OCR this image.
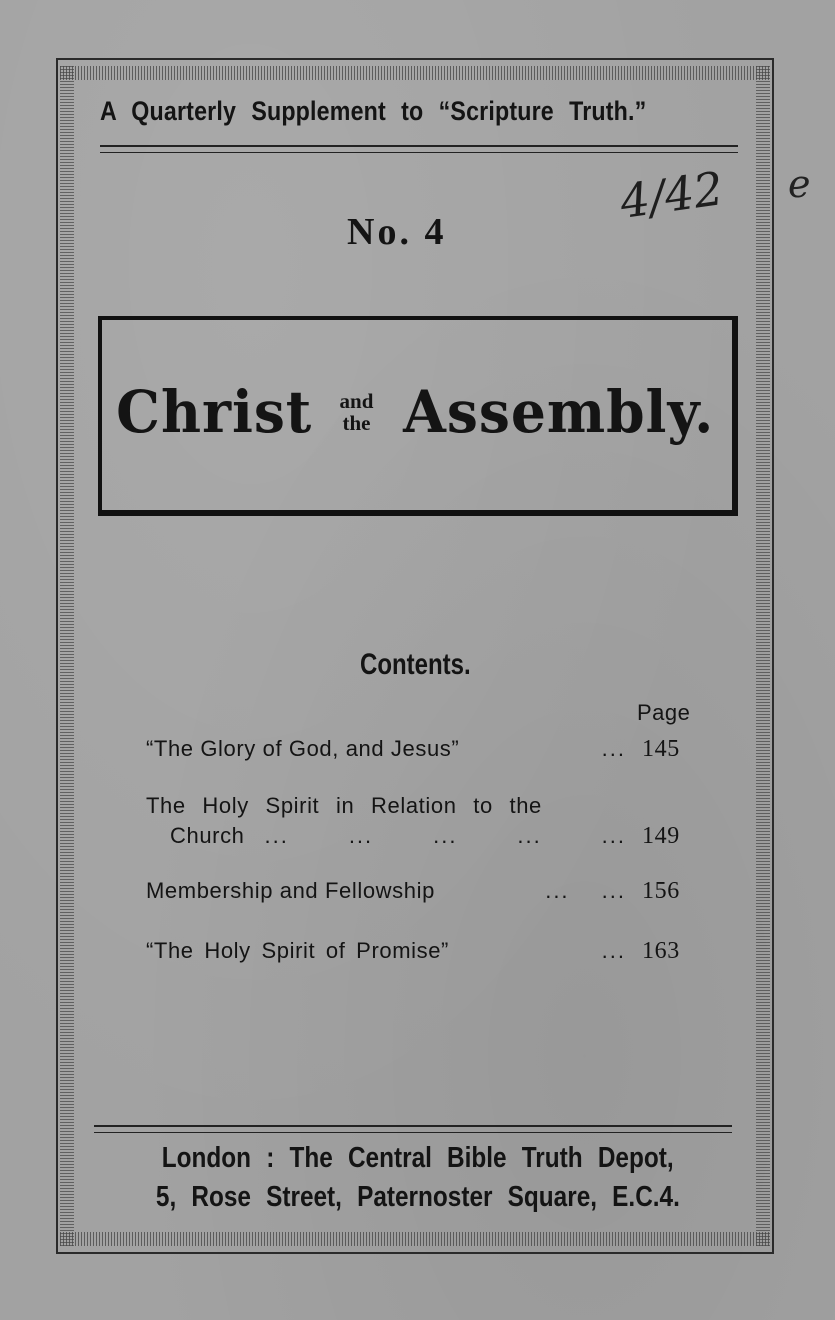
A Quarterly Supplement to “Scripture Truth.”
No. 4
4/42 e
Christ and
the Assembly.
Contents.
Page
“The Glory of God, and Jesus”	... 145
The Holy Spirit in Relation to the
Church ...	...	...	...	... 149
Membership and Fellowship	... ... 156
“The Holy Spirit of Promise”	... 163
London : The Central Bible Truth Depot,
5, Rose Street, Paternoster Square, E.C.4.
